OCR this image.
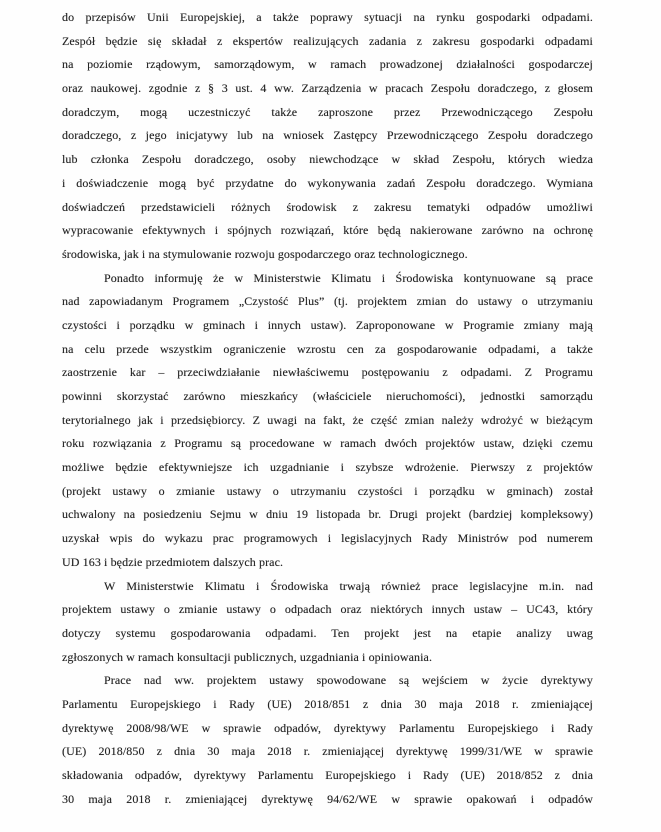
do przepisów Unii Europejskiej, a także poprawy sytuacji na rynku gospodarki odpadami.
Zespół będzie się składał z ekspertów realizujących zadania z zakresu gospodarki odpadami
na poziomie rządowym, samorządowym, w ramach prowadzonej działalności gospodarczej
oraz naukowej. zgodnie z § 3 ust. 4 ww. Zarządzenia w pracach Zespołu doradczego, z głosem
doradczym, mogą uczestniczyć także zaproszone przez Przewodniczącego Zespołu
doradczego, z jego inicjatywy lub na wniosek Zastępcy Przewodniczącego Zespołu doradczego
lub członka Zespołu doradczego, osoby niewchodzące w skład Zespołu, których wiedza
i doświadczenie mogą być przydatne do wykonywania zadań Zespołu doradczego. Wymiana
doświadczeń przedstawicieli różnych środowisk z zakresu tematyki odpadów umożliwi
wypracowanie efektywnych i spójnych rozwiązań, które będą nakierowane zarówno na ochronę
środowiska, jak i na stymulowanie rozwoju gospodarczego oraz technologicznego.
Ponadto informuję że w Ministerstwie Klimatu i Środowiska kontynuowane są prace
nad zapowiadanym Programem „Czystość Plus” (tj. projektem zmian do ustawy o utrzymaniu
czystości i porządku w gminach i innych ustaw). Zaproponowane w Programie zmiany mają
na celu przede wszystkim ograniczenie wzrostu cen za gospodarowanie odpadami, a także
zaostrzenie kar – przeciwdziałanie niewłaściwemu postępowaniu z odpadami. Z Programu
powinni skorzystać zarówno mieszkańcy (właściciele nieruchomości), jednostki samorządu
terytorialnego jak i przedsiębiorcy. Z uwagi na fakt, że część zmian należy wdrożyć w bieżącym
roku rozwiązania z Programu są procedowane w ramach dwóch projektów ustaw, dzięki czemu
możliwe będzie efektywniejsze ich uzgadnianie i szybsze wdrożenie. Pierwszy z projektów
(projekt ustawy o zmianie ustawy o utrzymaniu czystości i porządku w gminach) został
uchwalony na posiedzeniu Sejmu w dniu 19 listopada br. Drugi projekt (bardziej kompleksowy)
uzyskał wpis do wykazu prac programowych i legislacyjnych Rady Ministrów pod numerem
UD 163 i będzie przedmiotem dalszych prac.
W Ministerstwie Klimatu i Środowiska trwają również prace legislacyjne m.in. nad
projektem ustawy o zmianie ustawy o odpadach oraz niektórych innych ustaw – UC43, który
dotyczy systemu gospodarowania odpadami. Ten projekt jest na etapie analizy uwag
zgłoszonych w ramach konsultacji publicznych, uzgadniania i opiniowania.
Prace nad ww. projektem ustawy spowodowane są wejściem w życie dyrektywy
Parlamentu Europejskiego i Rady (UE) 2018/851 z dnia 30 maja 2018 r. zmieniającej
dyrektywę 2008/98/WE w sprawie odpadów, dyrektywy Parlamentu Europejskiego i Rady
(UE) 2018/850 z dnia 30 maja 2018 r. zmieniającej dyrektywę 1999/31/WE w sprawie
składowania odpadów, dyrektywy Parlamentu Europejskiego i Rady (UE) 2018/852 z dnia
30 maja 2018 r. zmieniającej dyrektywę 94/62/WE w sprawie opakowań i odpadów
